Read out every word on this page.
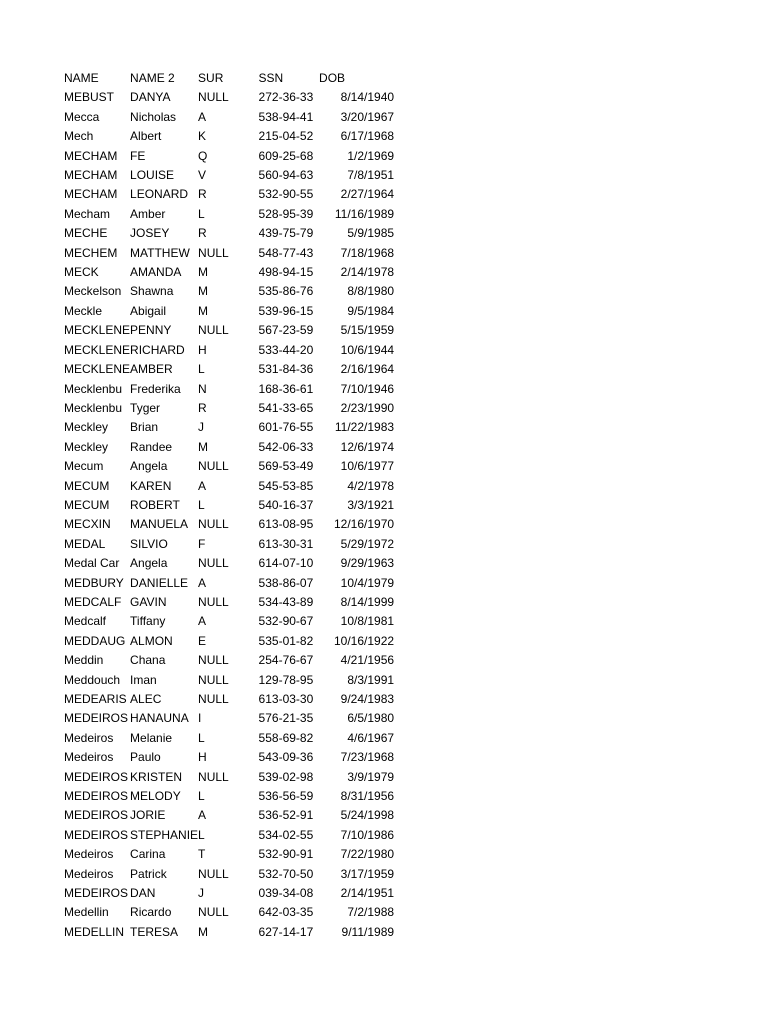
NAME	NAME 2	SUR	SSN	DOB
MEBUST	DANYA	NULL	272-36-33	8/14/1940
Mecca	Nicholas	A	538-94-41	3/20/1967
Mech	Albert	K	215-04-52	6/17/1968
MECHAM	FE	Q	609-25-68	1/2/1969
MECHAM	LOUISE	V	560-94-63	7/8/1951
MECHAM	LEONARD	R	532-90-55	2/27/1964
Mecham	Amber	L	528-95-39	11/16/1989
MECHE	JOSEY	R	439-75-79	5/9/1985
MECHEM	MATTHEW	NULL	548-77-43	7/18/1968
MECK	AMANDA	M	498-94-15	2/14/1978
Meckelson	Shawna	M	535-86-76	8/8/1980
Meckle	Abigail	M	539-96-15	9/5/1984
MECKLENE	PENNY	NULL	567-23-59	5/15/1959
MECKLENE	RICHARD	H	533-44-20	10/6/1944
MECKLENE	AMBER	L	531-84-36	2/16/1964
Mecklenbu	Frederika	N	168-36-61	7/10/1946
Mecklenbu	Tyger	R	541-33-65	2/23/1990
Meckley	Brian	J	601-76-55	11/22/1983
Meckley	Randee	M	542-06-33	12/6/1974
Mecum	Angela	NULL	569-53-49	10/6/1977
MECUM	KAREN	A	545-53-85	4/2/1978
MECUM	ROBERT	L	540-16-37	3/3/1921
MECXIN	MANUELA	NULL	613-08-95	12/16/1970
MEDAL	SILVIO	F	613-30-31	5/29/1972
Medal Car	Angela	NULL	614-07-10	9/29/1963
MEDBURY	DANIELLE	A	538-86-07	10/4/1979
MEDCALF	GAVIN	NULL	534-43-89	8/14/1999
Medcalf	Tiffany	A	532-90-67	10/8/1981
MEDDAUG	ALMON	E	535-01-82	10/16/1922
Meddin	Chana	NULL	254-76-67	4/21/1956
Meddouch	Iman	NULL	129-78-95	8/3/1991
MEDEARIS	ALEC	NULL	613-03-30	9/24/1983
MEDEIROS	HANAUNA	I	576-21-35	6/5/1980
Medeiros	Melanie	L	558-69-82	4/6/1967
Medeiros	Paulo	H	543-09-36	7/23/1968
MEDEIROS	KRISTEN	NULL	539-02-98	3/9/1979
MEDEIROS	MELODY	L	536-56-59	8/31/1956
MEDEIROS	JORIE	A	536-52-91	5/24/1998
MEDEIROS	STEPHANIE	L	534-02-55	7/10/1986
Medeiros	Carina	T	532-90-91	7/22/1980
Medeiros	Patrick	NULL	532-70-50	3/17/1959
MEDEIROS	DAN	J	039-34-08	2/14/1951
Medellin	Ricardo	NULL	642-03-35	7/2/1988
MEDELLIN	TERESA	M	627-14-17	9/11/1989
